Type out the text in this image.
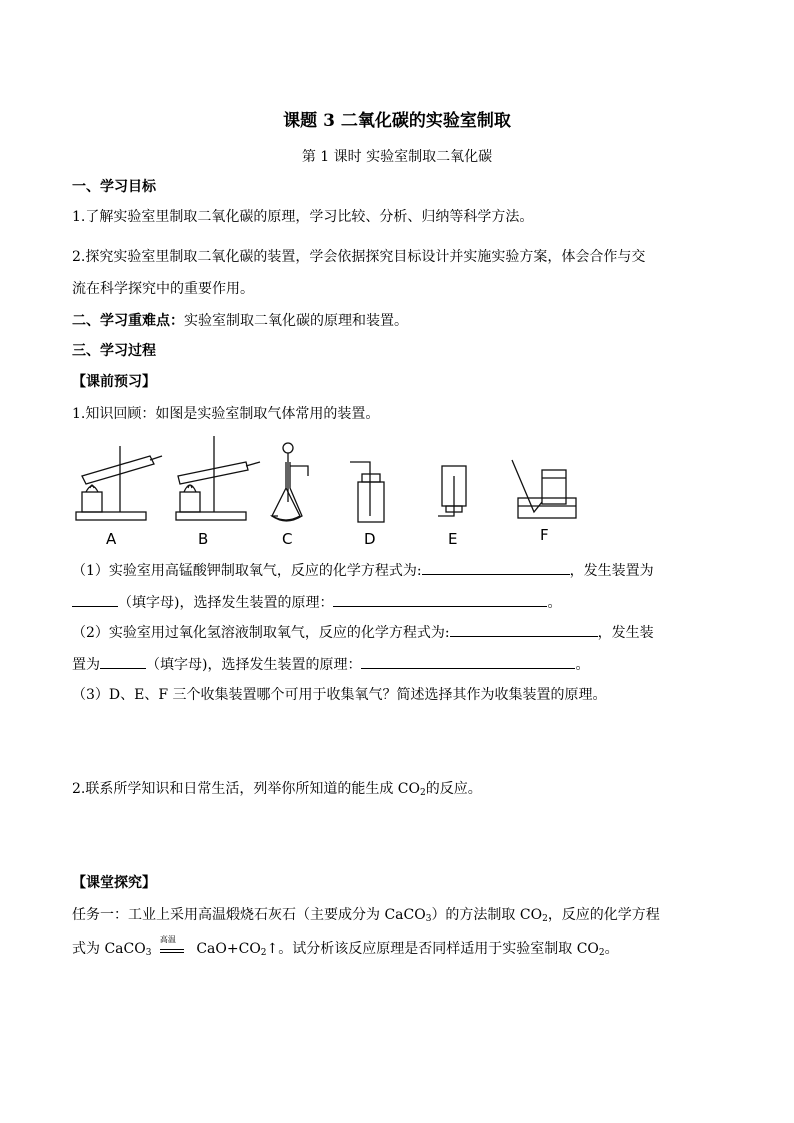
课题 3 二氧化碳的实验室制取
第 1 课时 实验室制取二氧化碳
一、学习目标
1.了解实验室里制取二氧化碳的原理，学习比较、分析、归纳等科学方法。
2.探究实验室里制取二氧化碳的装置，学会依据探究目标设计并实施实验方案，体会合作与交
流在科学探究中的重要作用。
二、学习重难点：实验室制取二氧化碳的原理和装置。
三、学习过程
【课前预习】
1.知识回顾：如图是实验室制取气体常用的装置。
A	B	C	D	E	F
（1）实验室用高锰酸钾制取氧气，反应的化学方程式为:	，发生装置为
（填字母)，选择发生装置的原理：	。
（2）实验室用过氧化氢溶液制取氧气，反应的化学方程式为:	，发生装
置为	（填字母)，选择发生装置的原理：	。
（3）D、E、F 三个收集装置哪个可用于收集氧气？简述选择其作为收集装置的原理。
2.联系所学知识和日常生活，列举你所知道的能生成 $CO_2$的反应。
【课堂探究】
任务一：工业上采用高温煅烧石灰石（主要成分为 CaCO$_3$）的方法制取 $CO_2$，反应的化学方程
式为 CaCO$_3$
高温
$CaO+CO_2↑$。试分析该反应原理是否同样适用于实验室制取 $CO_2$。
